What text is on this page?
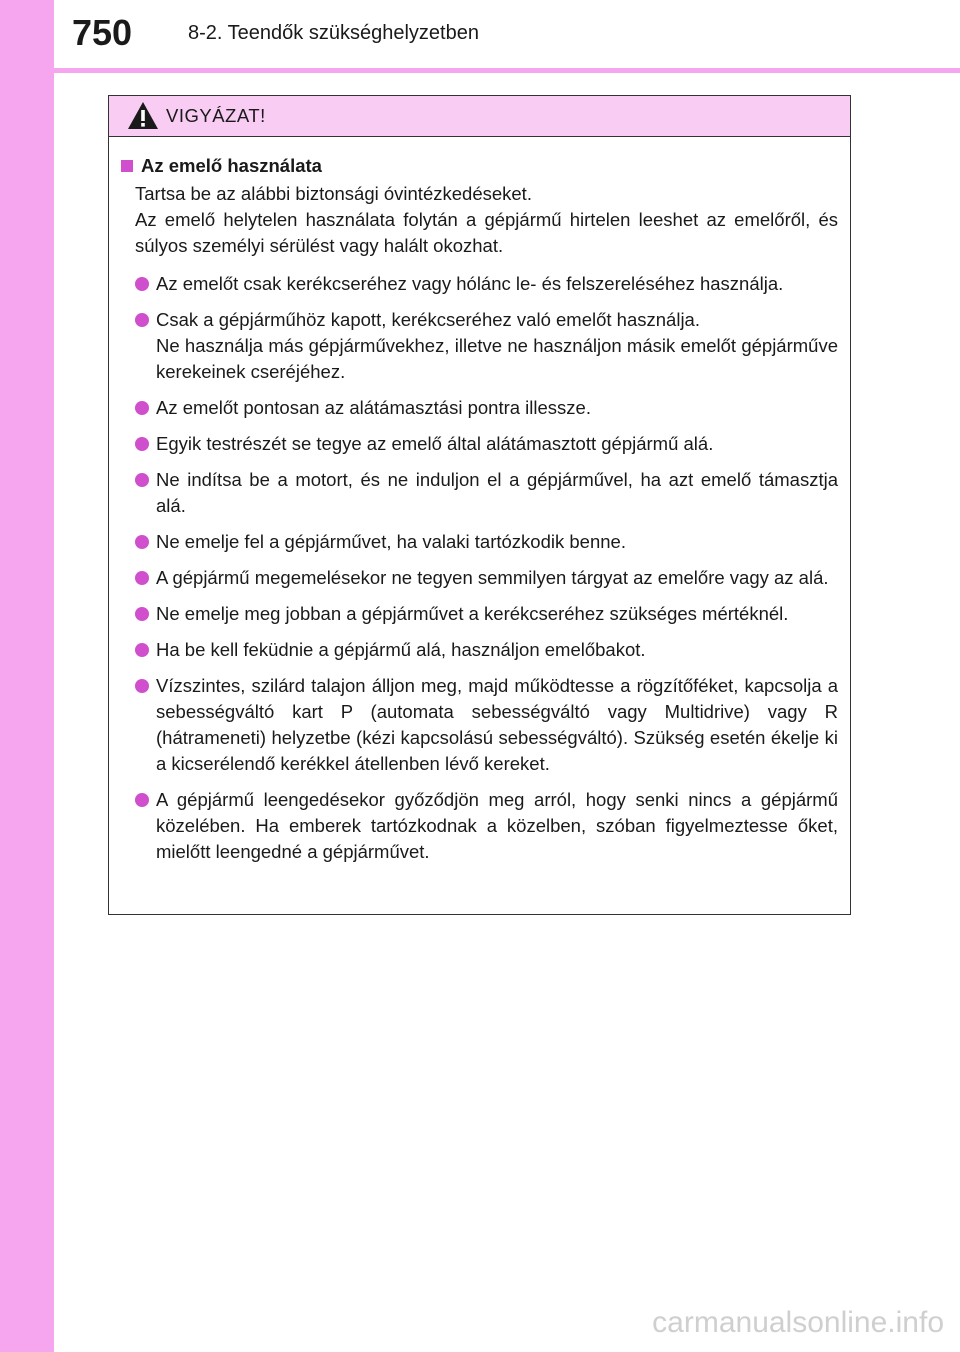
750	8-2. Teendők szükséghelyzetben
VIGYÁZAT!
Az emelő használata

Tartsa be az alábbi biztonsági óvintézkedéseket.

Az emelő helytelen használata folytán a gépjármű hirtelen leeshet az emelőről, és súlyos személyi sérülést vagy halált okozhat.

Az emelőt csak kerékcseréhez vagy hólánc le- és felszereléséhez használja.
Csak a gépjárműhöz kapott, kerékcseréhez való emelőt használja.
Ne használja más gépjárművekhez, illetve ne használjon másik emelőt gépjárműve kerekeinek cseréjéhez.
Az emelőt pontosan az alátámasztási pontra illessze.
Egyik testrészét se tegye az emelő által alátámasztott gépjármű alá.
Ne indítsa be a motort, és ne induljon el a gépjárművel, ha azt emelő támasztja alá.
Ne emelje fel a gépjárművet, ha valaki tartózkodik benne.
A gépjármű megemelésekor ne tegyen semmilyen tárgyat az emelőre vagy az alá.
Ne emelje meg jobban a gépjárművet a kerékcseréhez szükséges mértéknél.
Ha be kell feküdnie a gépjármű alá, használjon emelőbakot.
Vízszintes, szilárd talajon álljon meg, majd működtesse a rögzítőféket, kapcsolja a sebességváltó kart P (automata sebességváltó vagy Multidrive) vagy R (hátrameneti) helyzetbe (kézi kapcsolású sebességváltó). Szükség esetén ékelje ki a kicserélendő kerékkel átellenben lévő kereket.
A gépjármű leengedésekor győződjön meg arról, hogy senki nincs a gépjármű közelében. Ha emberek tartózkodnak a közelben, szóban figyelmeztesse őket, mielőtt leengedné a gépjárművet.
carmanualsonline.info
